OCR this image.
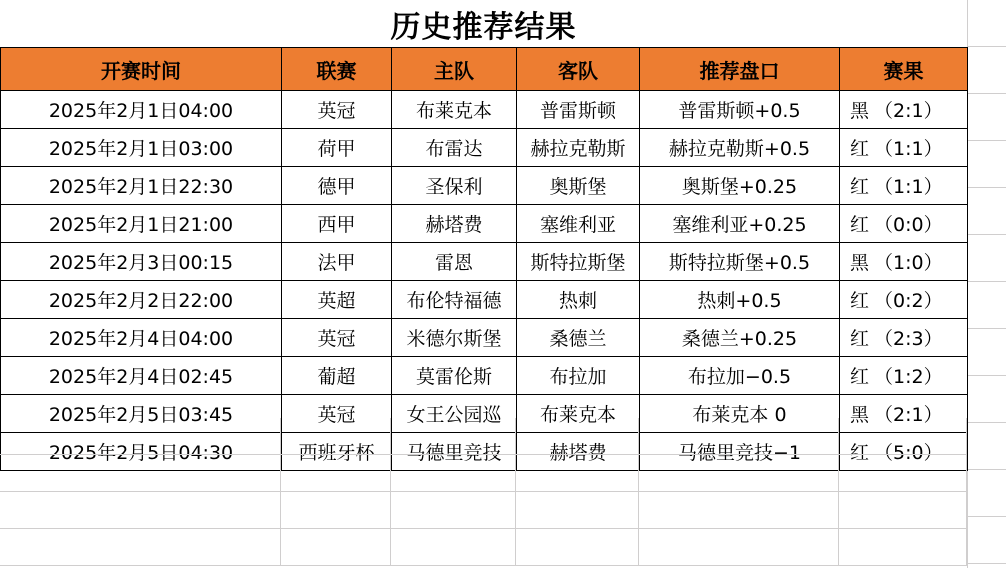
历史推荐结果
开赛时间	联赛	主队	客队	推荐盘口	赛果
2025年2月1日04:00	英冠	布莱克本	普雷斯顿	普雷斯顿+0.5	黑 （2:1）

2025年2月1日03:00	荷甲	布雷达	赫拉克勒斯	赫拉克勒斯+0.5	红 （1:1）

2025年2月1日22:30	德甲	圣保利	奥斯堡	奥斯堡+0.25	红 （1:1）

2025年2月1日21:00	西甲	赫塔费	塞维利亚	塞维利亚+0.25	红 （0:0）

2025年2月3日00:15	法甲	雷恩	斯特拉斯堡	斯特拉斯堡+0.5	黑 （1:0）

2025年2月2日22:00	英超	布伦特福德	热刺	热刺+0.5	红 （0:2）

2025年2月4日04:00	英冠	米德尔斯堡	桑德兰	桑德兰+0.25	红 （2:3）

2025年2月4日02:45	葡超	莫雷伦斯	布拉加	布拉加−0.5	红 （1:2）

2025年2月5日03:45	英冠	女王公园巡	布莱克本	布莱克本 0	黑 （2:1）

2025年2月5日04:30	西班牙杯	马德里竞技	赫塔费	马德里竞技−1	红 （5:0）
